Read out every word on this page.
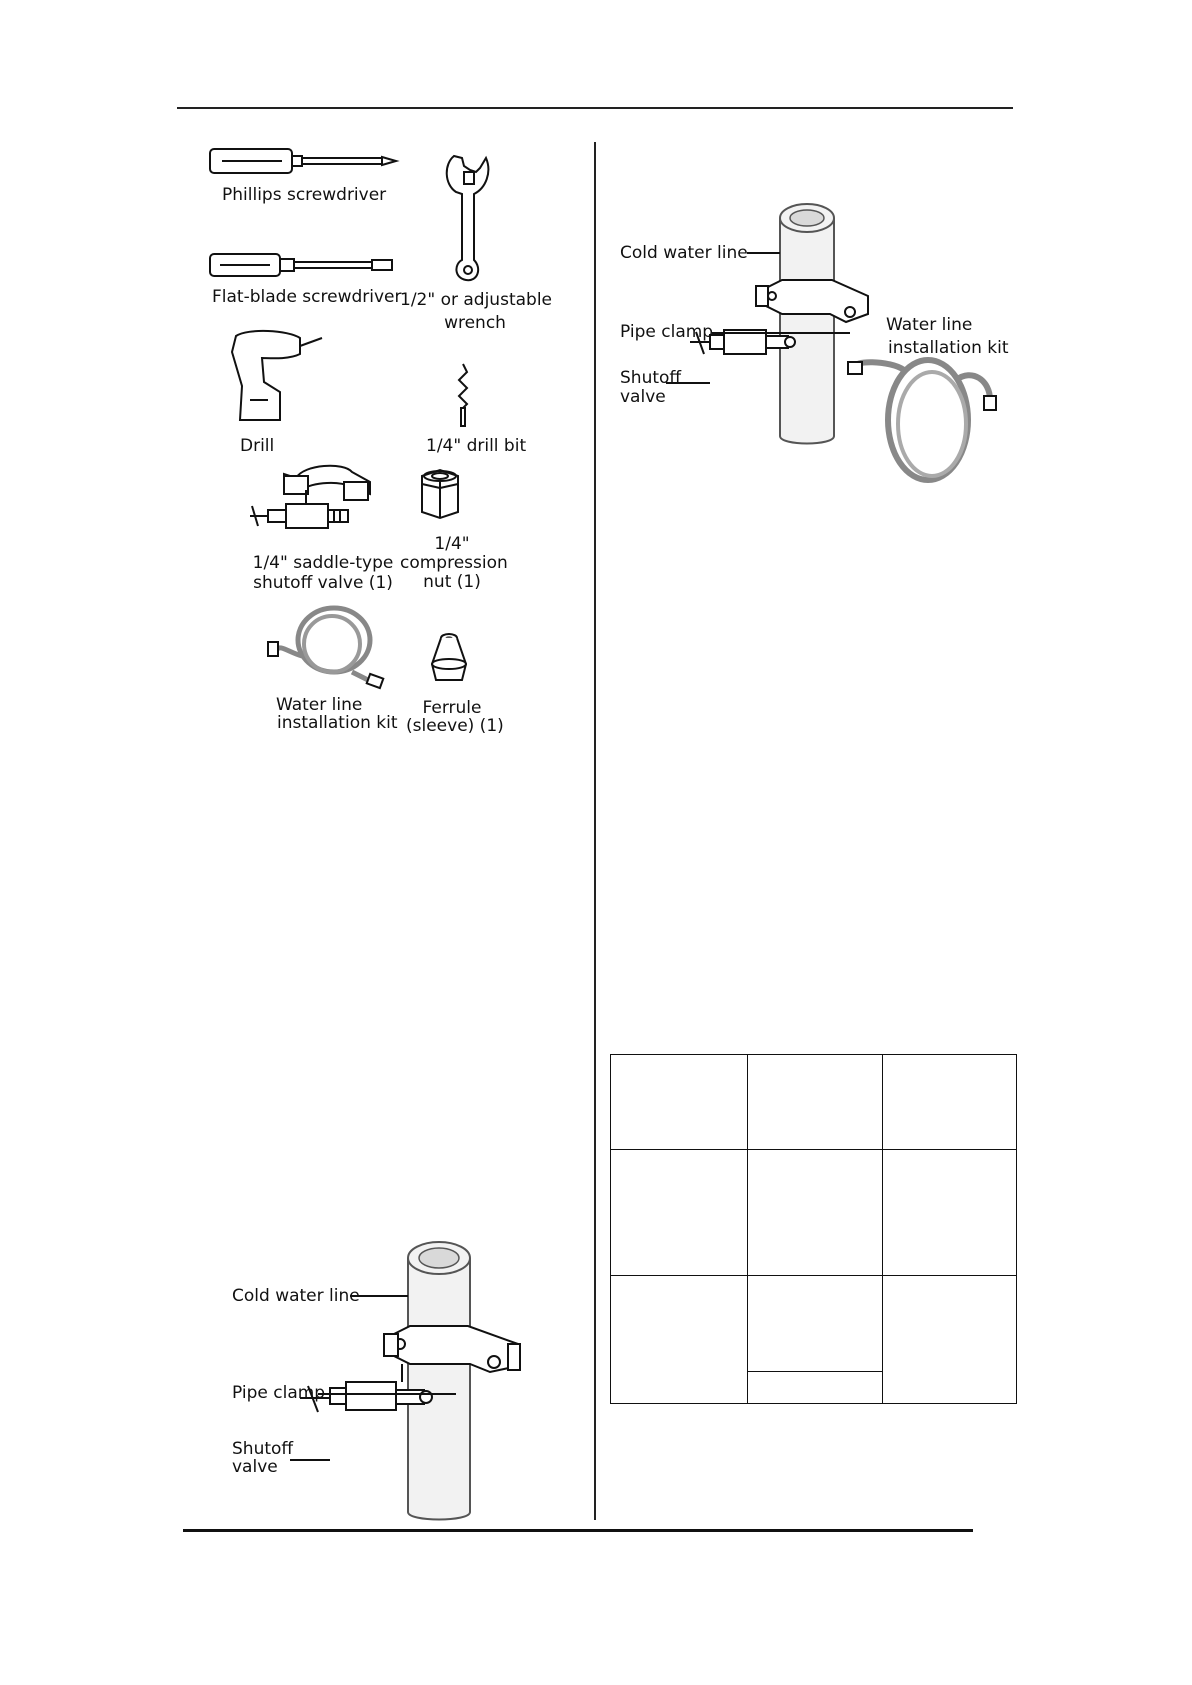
Phillips screwdriver
Flat-blade screwdriver
1/2" or adjustable
wrench
Drill	1/4" drill bit
1/4" saddle-type
shutoff valve (1)
1/4"
compression
nut (1)
Water line
installation kit
Ferrule
(sleeve) (1)
Cold water line
Pipe clamp
Shutoff
valve
Cold water line
Pipe clamp
Shutoff
valve
Water line
installation kit
